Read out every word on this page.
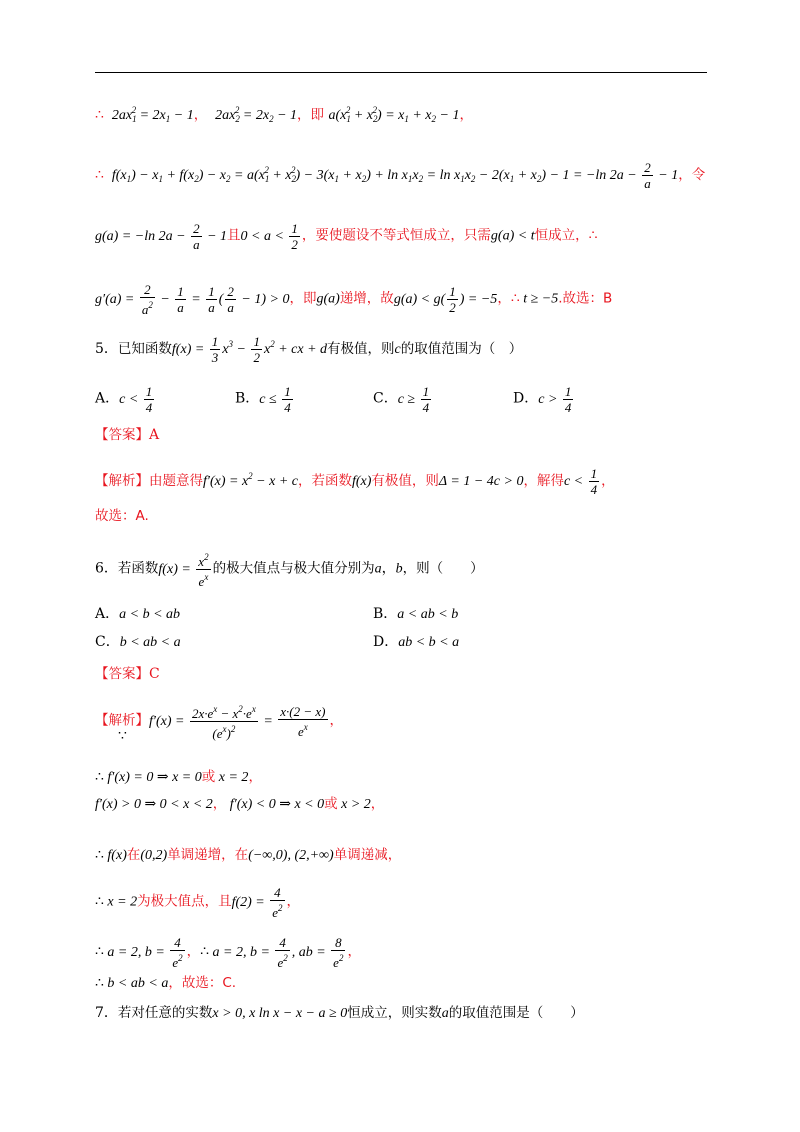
∴  $2ax_1^2 = 2x_1 - 1$，  $2ax_2^2 = 2x_2 - 1$，即 $a(x_1^2 + x_2^2) = x_1 + x_2 - 1$，
∴  $f(x_1) - x_1 + f(x_2) - x_2 = a(x_1^2 + x_2^2) - 3(x_1 + x_2) + \ln x_1x_2 = \ln x_1x_2 - 2(x_1 + x_2) - 1 = -\ln$ $2a - \frac{2}{a} - 1$，令
g(a) = −ln $2a - \frac{2}{a} - 1$且$0 < a < \frac{1}{2}$ ，要使题设不等式恒成立，只需g(a) < t恒成立，∴
$g'(a) = \frac{2}{a^2} - \frac{1}{a} = \frac{1}{a}$ ( $\frac{2}{a} - 1) > 0$，即g(a)递增，故$g(a) < g( \frac{1}{2}$ ) = −5，∴ t ≥ −5.故选：B
5．已知函数$f(x) = \frac{1}{3} x^3 - \frac{1}{2} x^2$ + cx + d有极值，则c的取值范围为（　）
A．$c < \frac{1}{4}$	B．$c \le \frac{1}{4}$	C．$c \ge \frac{1}{4}$	D．$c > \frac{1}{4}$
【答案】A
【解析】由题意得$f'(x) = x^2 - x + c$，若函数f(x)有极值，则Δ = 1 − 4c > 0，解得$c < \frac{1}{4}$ ，
故选：A.
6．若函数$f(x) = \frac{x^2}{e^x}$ 的极大值点与极大值分别为a，b，则（　　）
A．a < b < ab	B．a < ab < b
C．b < ab < a	D．ab < b < a
【答案】C
【解析】$f'(x) = \frac{2x\cdot e^x - x^2\cdot e^x}{(e^x)^2} = \frac{x\cdot(2 - x)}{e^x}$ ，
∵
∴ f′(x) = 0 ⇒ x = 0或 x = 2，
f′(x) > 0 ⇒ 0 < x < 2， f′(x) < 0 ⇒ x < 0或 x > 2，
∴ f(x)在(0,2)单调递增，在(−∞,0), (2,+∞)单调递减，
∴ x = 2为极大值点，且$f(2) = \frac{4}{e^2}$ ，
∴ a = 2, $b = \frac{4}{e^2}$ ，∴ a = 2, $b = \frac{4}{e^2}$ , ab = $\frac{8}{e^2}$ ，
∴ b < ab < a，故选：C.
7．若对任意的实数x > 0, x ln x − x − a ≥ 0恒成立，则实数a的取值范围是（　　）
